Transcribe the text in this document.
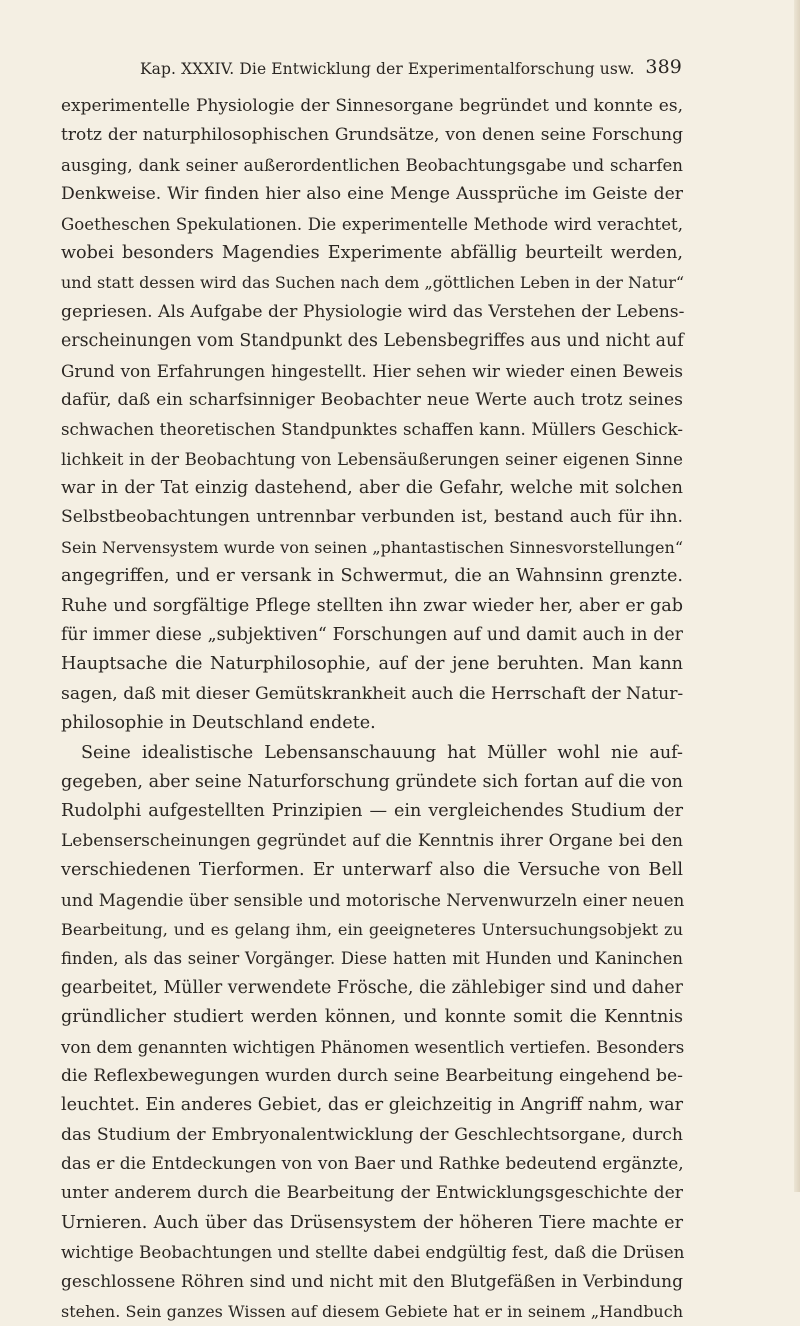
Kap. XXXIV. Die Entwicklung der Experimentalforschung usw. 389
experimentelle Physiologie der Sinnesorgane begründet und konnte es,
trotz der naturphilosophischen Grundsätze, von denen seine Forschung
ausging, dank seiner außerordentlichen Beobachtungsgabe und scharfen
Denkweise. Wir finden hier also eine Menge Aussprüche im Geiste der
Goetheschen Spekulationen. Die experimentelle Methode wird verachtet,
wobei besonders Magendies Experimente abfällig beurteilt werden,
und statt dessen wird das Suchen nach dem „göttlichen Leben in der Natur“
gepriesen. Als Aufgabe der Physiologie wird das Verstehen der Lebens-
erscheinungen vom Standpunkt des Lebensbegriffes aus und nicht auf
Grund von Erfahrungen hingestellt. Hier sehen wir wieder einen Beweis
dafür, daß ein scharfsinniger Beobachter neue Werte auch trotz seines
schwachen theoretischen Standpunktes schaffen kann. Müllers Geschick-
lichkeit in der Beobachtung von Lebensäußerungen seiner eigenen Sinne
war in der Tat einzig dastehend, aber die Gefahr, welche mit solchen
Selbstbeobachtungen untrennbar verbunden ist, bestand auch für ihn.
Sein Nervensystem wurde von seinen „phantastischen Sinnesvorstellungen“
angegriffen, und er versank in Schwermut, die an Wahnsinn grenzte.
Ruhe und sorgfältige Pflege stellten ihn zwar wieder her, aber er gab
für immer diese „subjektiven“ Forschungen auf und damit auch in der
Hauptsache die Naturphilosophie, auf der jene beruhten. Man kann
sagen, daß mit dieser Gemütskrankheit auch die Herrschaft der Natur-
philosophie in Deutschland endete.
Seine idealistische Lebensanschauung hat Müller wohl nie auf-
gegeben, aber seine Naturforschung gründete sich fortan auf die von
Rudolphi aufgestellten Prinzipien — ein vergleichendes Studium der
Lebenserscheinungen gegründet auf die Kenntnis ihrer Organe bei den
verschiedenen Tierformen. Er unterwarf also die Versuche von Bell
und Magendie über sensible und motorische Nervenwurzeln einer neuen
Bearbeitung, und es gelang ihm, ein geeigneteres Untersuchungsobjekt zu
finden, als das seiner Vorgänger. Diese hatten mit Hunden und Kaninchen
gearbeitet, Müller verwendete Frösche, die zählebiger sind und daher
gründlicher studiert werden können, und konnte somit die Kenntnis
von dem genannten wichtigen Phänomen wesentlich vertiefen. Besonders
die Reflexbewegungen wurden durch seine Bearbeitung eingehend be-
leuchtet. Ein anderes Gebiet, das er gleichzeitig in Angriff nahm, war
das Studium der Embryonalentwicklung der Geschlechtsorgane, durch
das er die Entdeckungen von von Baer und Rathke bedeutend ergänzte,
unter anderem durch die Bearbeitung der Entwicklungsgeschichte der
Urnieren. Auch über das Drüsensystem der höheren Tiere machte er
wichtige Beobachtungen und stellte dabei endgültig fest, daß die Drüsen
geschlossene Röhren sind und nicht mit den Blutgefäßen in Verbindung
stehen. Sein ganzes Wissen auf diesem Gebiete hat er in seinem „Handbuch
